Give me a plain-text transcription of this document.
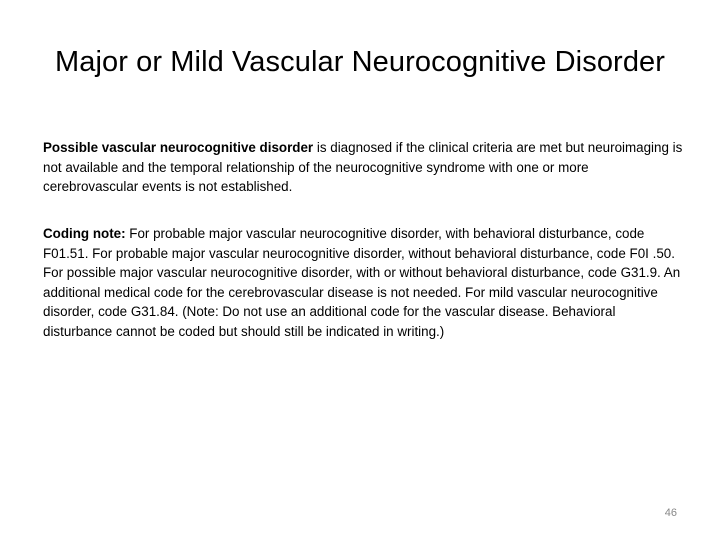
Major or Mild Vascular Neurocognitive Disorder

Possible vascular neurocognitive disorder is diagnosed if the clinical criteria are met but neuroimaging is not available and the temporal relationship of the neurocognitive syndrome with one or more cerebrovascular events is not established.

Coding note: For probable major vascular neurocognitive disorder, with behavioral disturbance, code F01.51. For probable major vascular neurocognitive disorder, without behavioral disturbance, code F0I .50. For possible major vascular neurocognitive disorder, with or without behavioral disturbance, code G31.9. An additional medical code for the cerebrovascular disease is not needed. For mild vascular neurocognitive disorder, code G31.84. (Note: Do not use an additional code for the vascular disease. Behavioral disturbance cannot be coded but should still be indicated in writing.)

46
